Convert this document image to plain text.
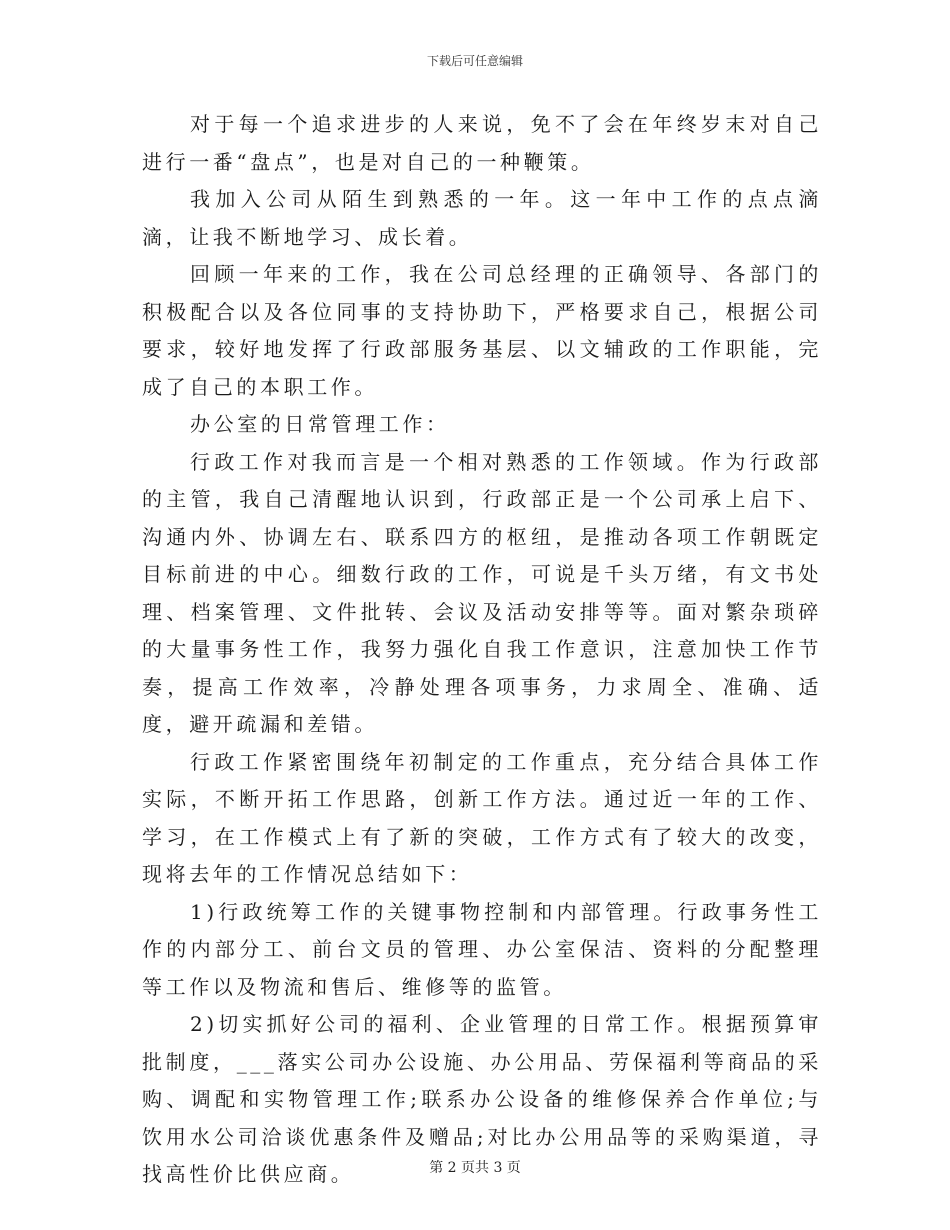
下载后可任意编辑

对于每一个追求进步的人来说，免不了会在年终岁末对自己进行一番“盘点”，也是对自己的一种鞭策。

我加入公司从陌生到熟悉的一年。这一年中工作的点点滴滴，让我不断地学习、成长着。

回顾一年来的工作，我在公司总经理的正确领导、各部门的积极配合以及各位同事的支持协助下，严格要求自己，根据公司要求，较好地发挥了行政部服务基层、以文辅政的工作职能，完成了自己的本职工作。

办公室的日常管理工作：

行政工作对我而言是一个相对熟悉的工作领域。作为行政部的主管，我自己清醒地认识到，行政部正是一个公司承上启下、沟通内外、协调左右、联系四方的枢纽，是推动各项工作朝既定目标前进的中心。细数行政的工作，可说是千头万绪，有文书处理、档案管理、文件批转、会议及活动安排等等。面对繁杂琐碎的大量事务性工作，我努力强化自我工作意识，注意加快工作节奏，提高工作效率，冷静处理各项事务，力求周全、准确、适度，避开疏漏和差错。

行政工作紧密围绕年初制定的工作重点，充分结合具体工作实际，不断开拓工作思路，创新工作方法。通过近一年的工作、学习，在工作模式上有了新的突破，工作方式有了较大的改变，现将去年的工作情况总结如下：

1)行政统筹工作的关键事物控制和内部管理。行政事务性工作的内部分工、前台文员的管理、办公室保洁、资料的分配整理等工作以及物流和售后、维修等的监管。

2)切实抓好公司的福利、企业管理的日常工作。根据预算审批制度，___落实公司办公设施、办公用品、劳保福利等商品的采购、调配和实物管理工作;联系办公设备的维修保养合作单位;与饮用水公司洽谈优惠条件及赠品;对比办公用品等的采购渠道，寻找高性价比供应商。	第 2 页共 3 页
